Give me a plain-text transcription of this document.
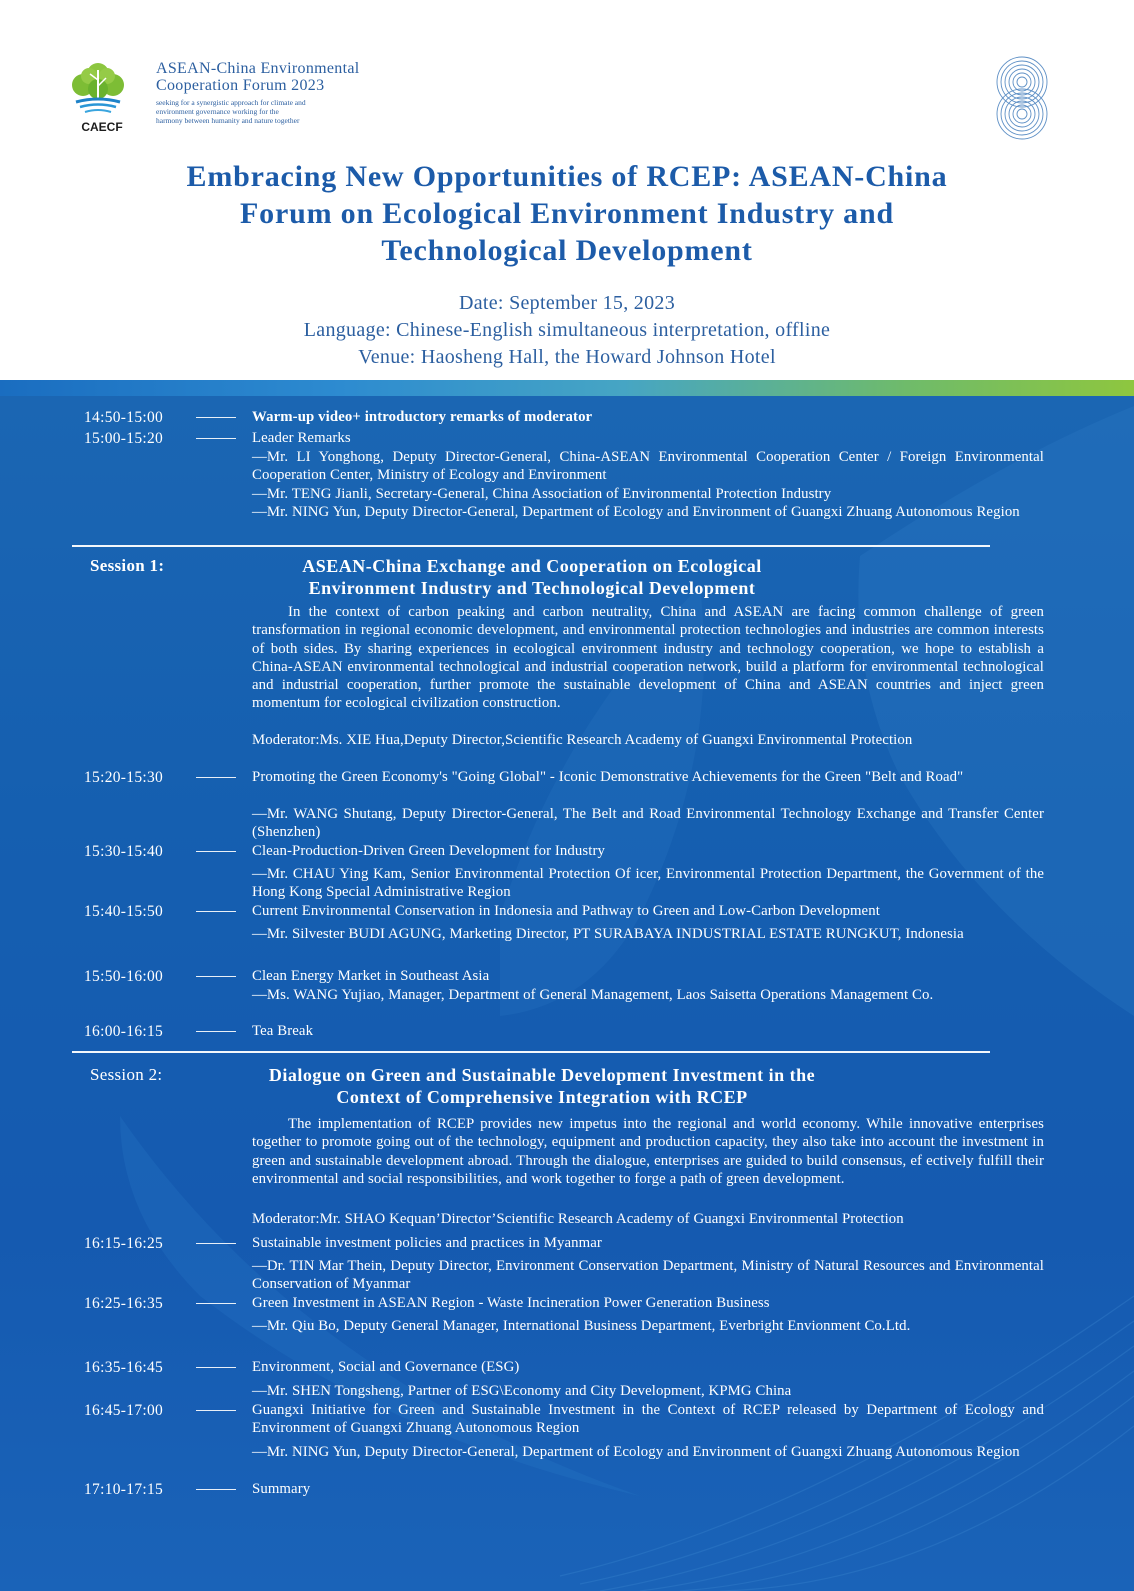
CAECF
ASEAN-China Environmental
Cooperation Forum 2023
seeking for a synergistic approach for climate and
environment governance working for the
harmony between humanity and nature together
Embracing New Opportunities of RCEP: ASEAN-China
Forum on Ecological Environment Industry and
Technological Development
Date: September 15, 2023
Language: Chinese-English simultaneous interpretation, offline
Venue: Haosheng Hall, the Howard Johnson Hotel
14:50-15:00	Warm-up video+ introductory remarks of moderator
15:00-15:20	Leader Remarks
—Mr. LI Yonghong, Deputy Director-General, China-ASEAN Environmental Cooperation Center / Foreign Environmental Cooperation Center, Ministry of Ecology and Environment
—Mr. TENG Jianli, Secretary-General, China Association of Environmental Protection Industry
—Mr. NING Yun, Deputy Director-General, Department of Ecology and Environment of Guangxi Zhuang Autonomous Region
Session 1:	ASEAN-China Exchange and Cooperation on Ecological
Environment Industry and Technological Development
In the context of carbon peaking and carbon neutrality, China and ASEAN are facing common challenge of green transformation in regional economic development, and environmental protection technologies and industries are common interests of both sides. By sharing experiences in ecological environment industry and technology cooperation, we hope to establish a China-ASEAN environmental technological and industrial cooperation network, build a platform for environmental technological and industrial cooperation, further promote the sustainable development of China and ASEAN countries and inject green momentum for ecological civilization construction.
Moderator:Ms. XIE Hua,Deputy Director,Scientific Research Academy of Guangxi Environmental Protection
15:20-15:30	Promoting the Green Economy's "Going Global" - Iconic Demonstrative Achievements for the Green "Belt and Road"
—Mr. WANG Shutang, Deputy Director-General, The Belt and Road Environmental Technology Exchange and Transfer Center (Shenzhen)
15:30-15:40	Clean-Production-Driven Green Development for Industry
—Mr. CHAU Ying Kam, Senior Environmental Protection Of icer, Environmental Protection Department, the Government of the Hong Kong Special Administrative Region
15:40-15:50	Current Environmental Conservation in Indonesia and Pathway to Green and Low-Carbon Development
—Mr. Silvester BUDI AGUNG, Marketing Director, PT SURABAYA INDUSTRIAL ESTATE RUNGKUT, Indonesia
15:50-16:00	Clean Energy Market in Southeast Asia
—Ms. WANG Yujiao, Manager, Department of General Management, Laos Saisetta Operations Management Co.
16:00-16:15	Tea Break
Session 2:	Dialogue on Green and Sustainable Development Investment in the
Context of Comprehensive Integration with RCEP
The implementation of RCEP provides new impetus into the regional and world economy. While innovative enterprises together to promote going out of the technology, equipment and production capacity, they also take into account the investment in green and sustainable development abroad. Through the dialogue, enterprises are guided to build consensus, ef ectively fulfill their environmental and social responsibilities, and work together to forge a path of green development.
Moderator:Mr. SHAO Kequan’Director’Scientific Research Academy of Guangxi Environmental Protection
16:15-16:25	Sustainable investment policies and practices in Myanmar
—Dr. TIN Mar Thein, Deputy Director, Environment Conservation Department, Ministry of Natural Resources and Environmental Conservation of Myanmar
16:25-16:35	Green Investment in ASEAN Region - Waste Incineration Power Generation Business
—Mr. Qiu Bo, Deputy General Manager, International Business Department, Everbright Envionment Co.Ltd.
16:35-16:45	Environment, Social and Governance (ESG)
—Mr. SHEN Tongsheng, Partner of ESG\Economy and City Development, KPMG China
16:45-17:00	Guangxi Initiative for Green and Sustainable Investment in the Context of RCEP released by Department of Ecology and Environment of Guangxi Zhuang Autonomous Region
—Mr. NING Yun, Deputy Director-General, Department of Ecology and Environment of Guangxi Zhuang Autonomous Region
17:10-17:15	Summary
